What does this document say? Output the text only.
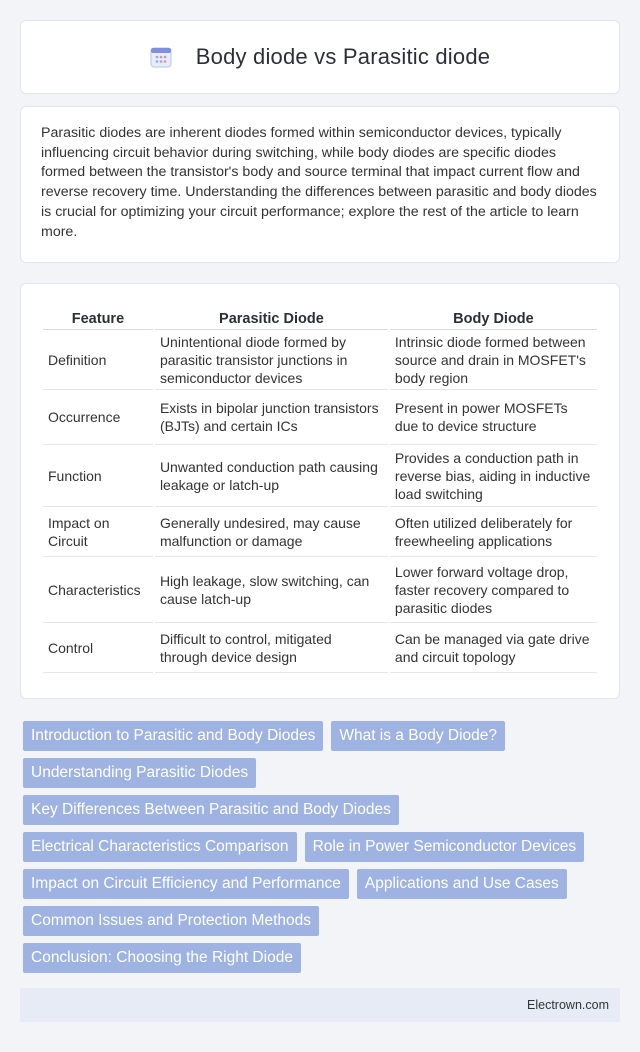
Body diode vs Parasitic diode

Parasitic diodes are inherent diodes formed within semiconductor devices, typically influencing circuit behavior during switching, while body diodes are specific diodes formed between the transistor's body and source terminal that impact current flow and reverse recovery time. Understanding the differences between parasitic and body diodes is crucial for optimizing your circuit performance; explore the rest of the article to learn more.

Feature	Parasitic Diode	Body Diode
Definition	Unintentional diode formed by parasitic transistor junctions in semiconductor devices	Intrinsic diode formed between source and drain in MOSFET's body region
Occurrence	Exists in bipolar junction transistors (BJTs) and certain ICs	Present in power MOSFETs due to device structure
Function	Unwanted conduction path causing leakage or latch-up	Provides a conduction path in reverse bias, aiding in inductive load switching
Impact on Circuit	Generally undesired, may cause malfunction or damage	Often utilized deliberately for freewheeling applications
Characteristics	High leakage, slow switching, can cause latch-up	Lower forward voltage drop, faster recovery compared to parasitic diodes
Control	Difficult to control, mitigated through device design	Can be managed via gate drive and circuit topology
Introduction to Parasitic and Body Diodes	What is a Body Diode?
Understanding Parasitic Diodes
Key Differences Between Parasitic and Body Diodes
Electrical Characteristics Comparison	Role in Power Semiconductor Devices
Impact on Circuit Efficiency and Performance	Applications and Use Cases
Common Issues and Protection Methods
Conclusion: Choosing the Right Diode
Electrown.com
